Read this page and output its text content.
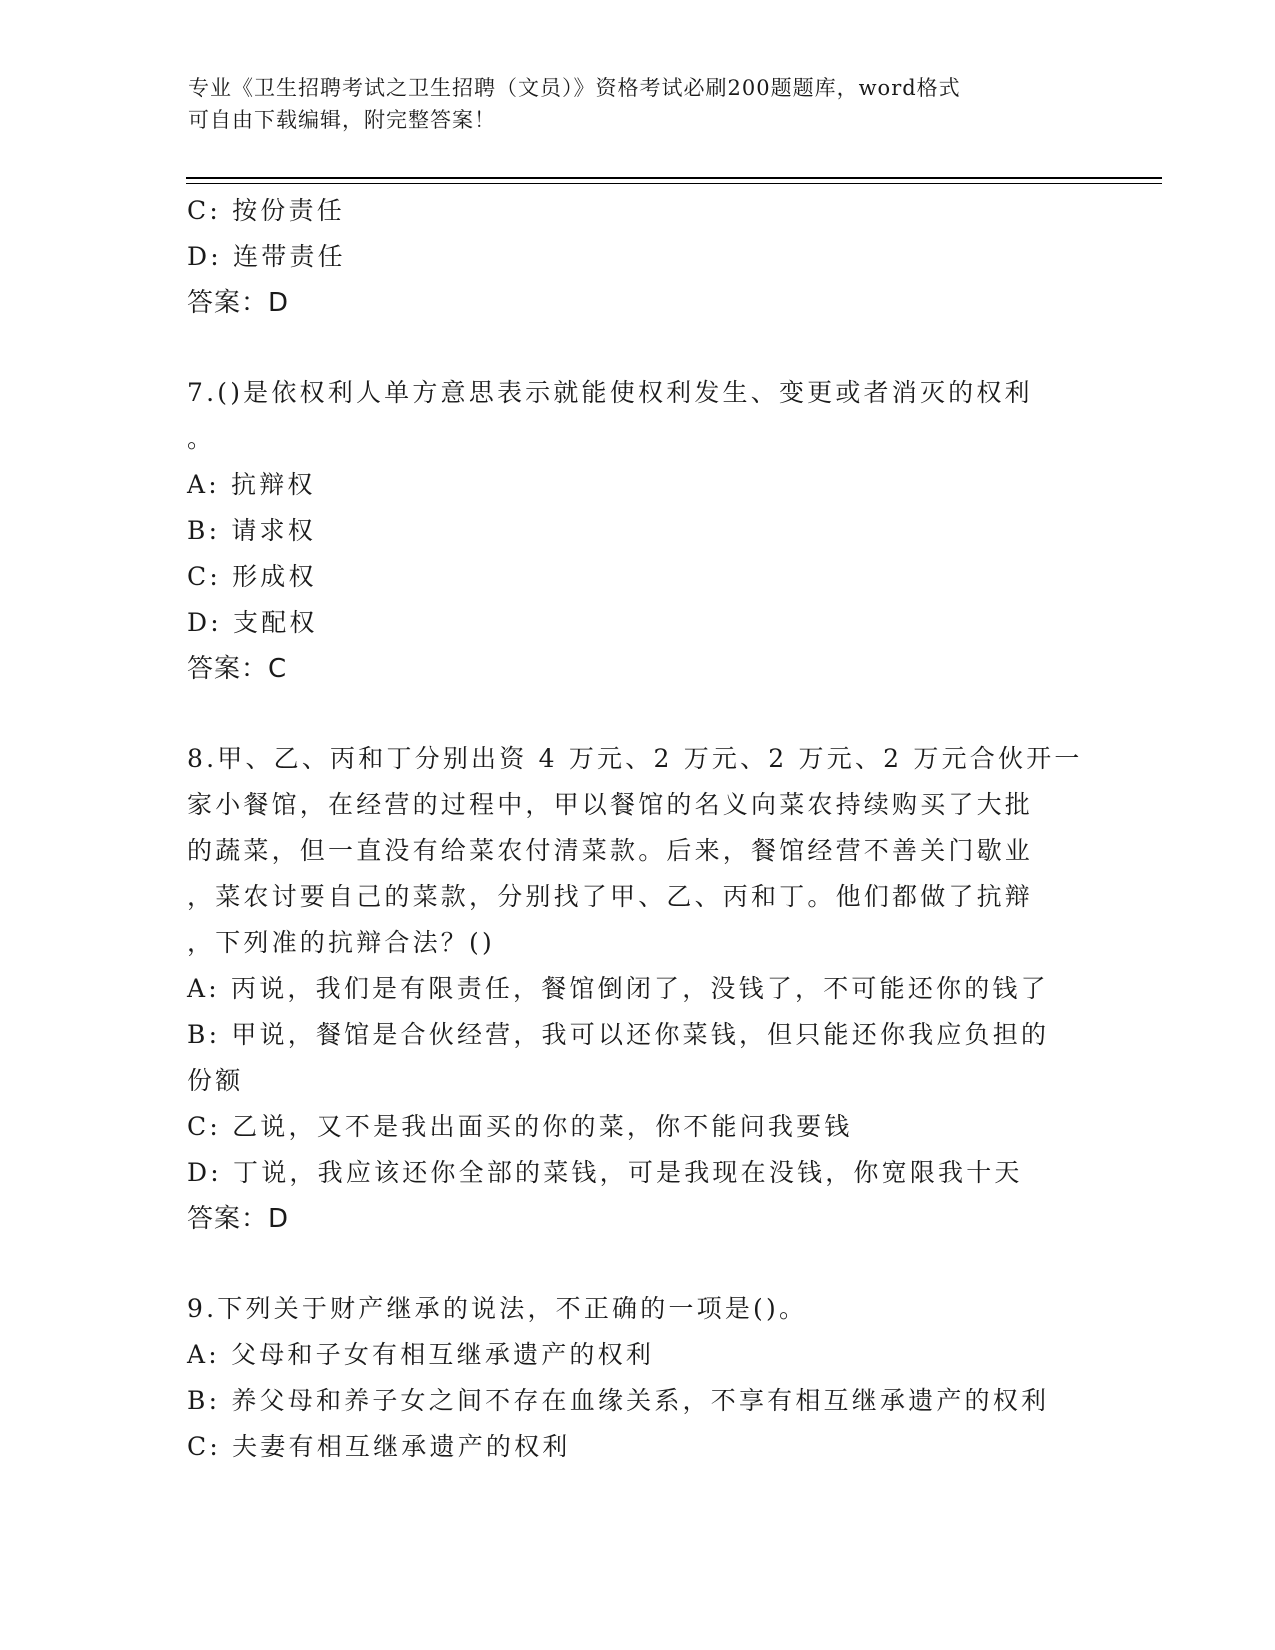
专业《卫生招聘考试之卫生招聘（文员）》资格考试必刷200题题库，word格式
可自由下载编辑，附完整答案！
C: 按份责任
D: 连带责任
答案：D
7.()是依权利人单方意思表示就能使权利发生、变更或者消灭的权利
。
A: 抗辩权
B: 请求权
C: 形成权
D: 支配权
答案：C
8.甲、乙、丙和丁分别出资 4 万元、2 万元、2 万元、2 万元合伙开一
家小餐馆，在经营的过程中，甲以餐馆的名义向菜农持续购买了大批
的蔬菜，但一直没有给菜农付清菜款。后来，餐馆经营不善关门歇业
，菜农讨要自己的菜款，分别找了甲、乙、丙和丁。他们都做了抗辩
，下列准的抗辩合法？()
A: 丙说，我们是有限责任，餐馆倒闭了，没钱了，不可能还你的钱了
B: 甲说，餐馆是合伙经营，我可以还你菜钱，但只能还你我应负担的
份额
C: 乙说，又不是我出面买的你的菜，你不能问我要钱
D: 丁说，我应该还你全部的菜钱，可是我现在没钱，你宽限我十天
答案：D
9.下列关于财产继承的说法，不正确的一项是()。
A: 父母和子女有相互继承遗产的权利
B: 养父母和养子女之间不存在血缘关系，不享有相互继承遗产的权利
C: 夫妻有相互继承遗产的权利
